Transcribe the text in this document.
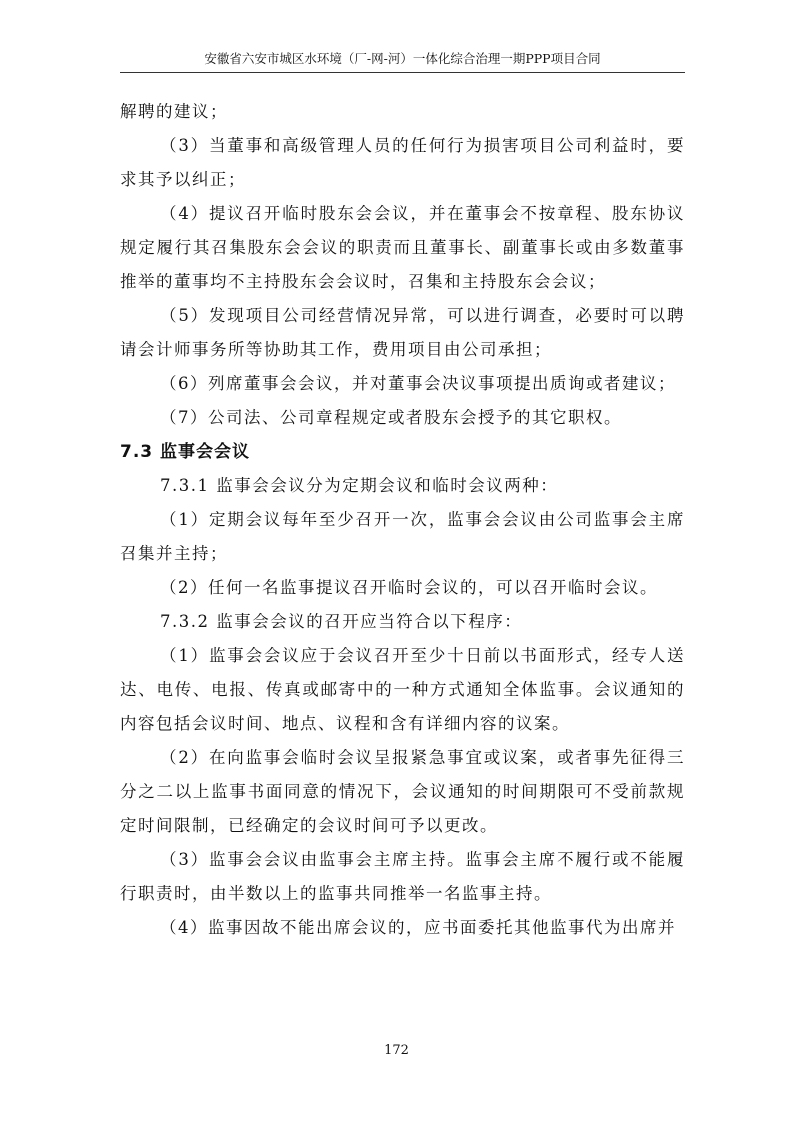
安徽省六安市城区水环境（厂-网-河）一体化综合治理一期PPP项目合同

解聘的建议；

（3）当董事和高级管理人员的任何行为损害项目公司利益时，要求其予以纠正；

（4）提议召开临时股东会会议，并在董事会不按章程、股东协议规定履行其召集股东会会议的职责而且董事长、副董事长或由多数董事推举的董事均不主持股东会会议时，召集和主持股东会会议；

（5）发现项目公司经营情况异常，可以进行调查，必要时可以聘请会计师事务所等协助其工作，费用项目由公司承担；

（6）列席董事会会议，并对董事会决议事项提出质询或者建议；

（7）公司法、公司章程规定或者股东会授予的其它职权。

7.3 监事会会议

7.3.1 监事会会议分为定期会议和临时会议两种：

（1）定期会议每年至少召开一次，监事会会议由公司监事会主席召集并主持；

（2）任何一名监事提议召开临时会议的，可以召开临时会议。

7.3.2 监事会会议的召开应当符合以下程序：

（1）监事会会议应于会议召开至少十日前以书面形式，经专人送达、电传、电报、传真或邮寄中的一种方式通知全体监事。会议通知的内容包括会议时间、地点、议程和含有详细内容的议案。

（2）在向监事会临时会议呈报紧急事宜或议案，或者事先征得三分之二以上监事书面同意的情况下，会议通知的时间期限可不受前款规定时间限制，已经确定的会议时间可予以更改。

（3）监事会会议由监事会主席主持。监事会主席不履行或不能履行职责时，由半数以上的监事共同推举一名监事主持。

（4）监事因故不能出席会议的，应书面委托其他监事代为出席并

172
